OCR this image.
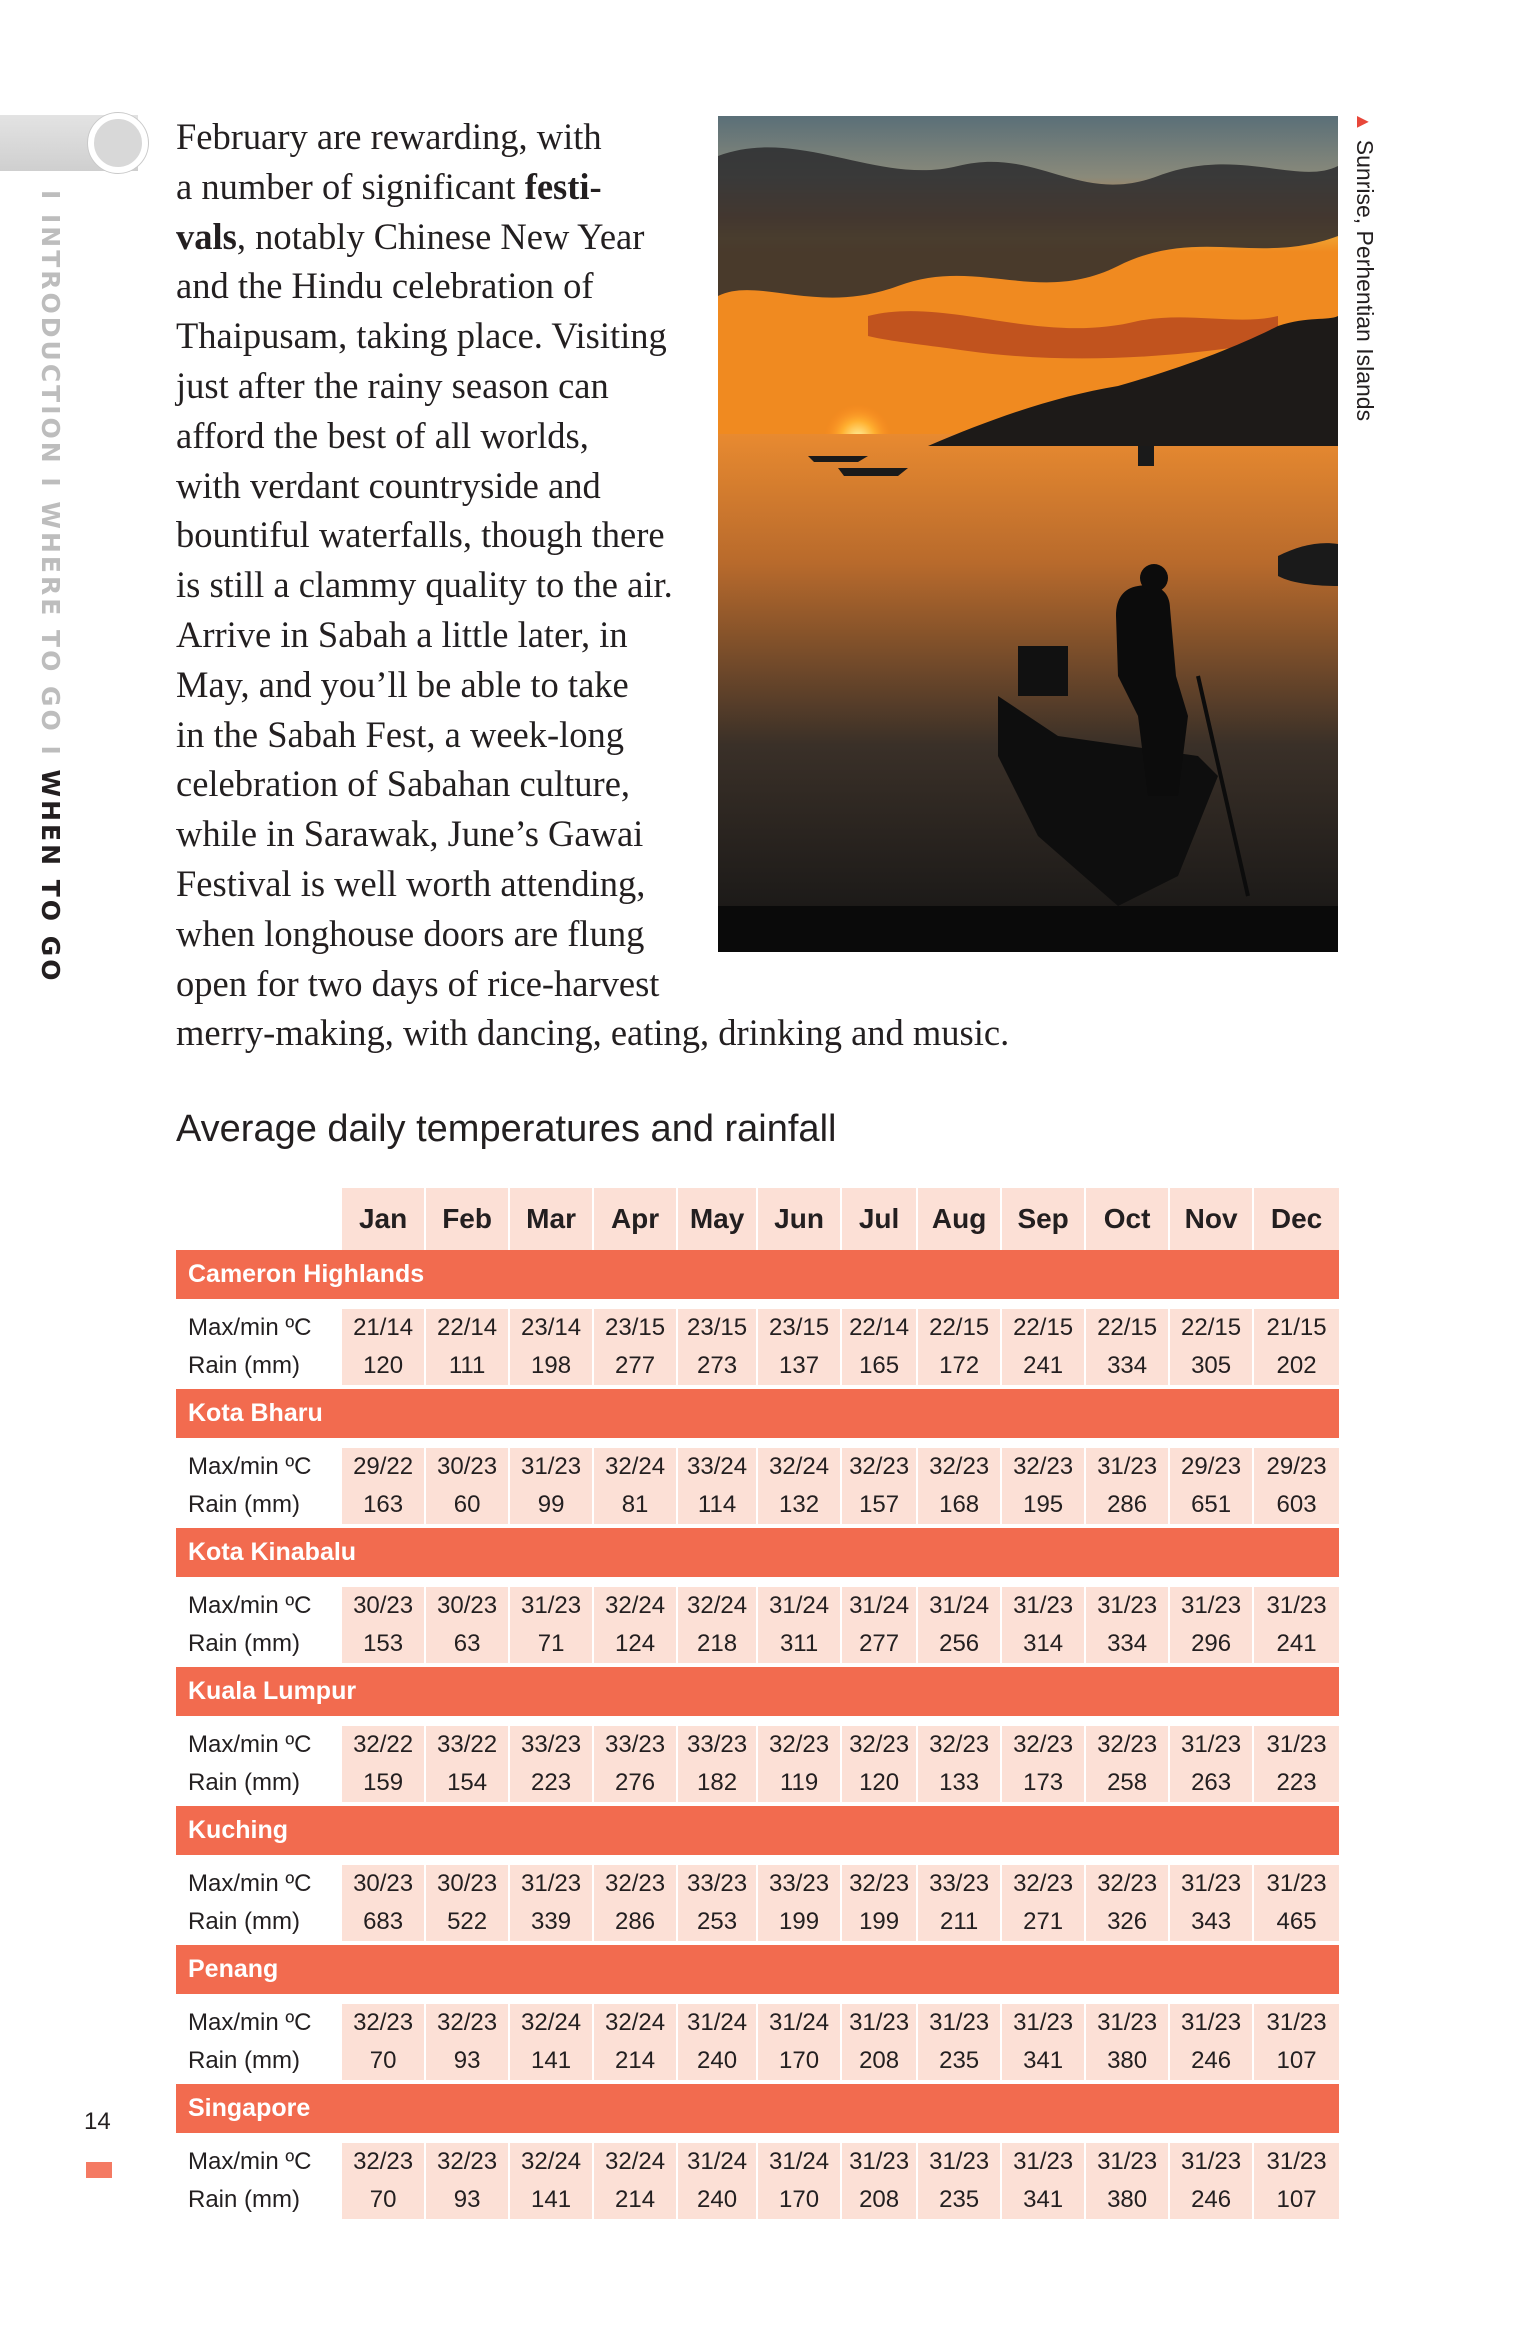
I INTRODUCTION I WHERE TO GO I WHEN TO GO
February are rewarding, with
a number of significant festi-
vals, notably Chinese New Year
and the Hindu celebration of
Thaipusam, taking place. Visiting
just after the rainy season can
afford the best of all worlds,
with verdant countryside and
bountiful waterfalls, though there
is still a clammy quality to the air.
Arrive in Sabah a little later, in
May, and you’ll be able to take
in the Sabah Fest, a week-long
celebration of Sabahan culture,
while in Sarawak, June’s Gawai
Festival is well worth attending,
when longhouse doors are flung
open for two days of rice-harvest
merry-making, with dancing, eating, drinking and music.
▲Sunrise, Perhentian Islands
Average daily temperatures and rainfall
Jan	Feb	Mar	Apr	May	Jun	Jul	Aug	Sep	Oct	Nov	Dec
Cameron Highlands
Max/min ºC	21/14 22/14 23/14 23/15 23/15 23/15 22/14 22/15 22/15 22/15 22/15	21/15
Rain (mm)	120	111	198	277	273	137	165	172	241	334	305	202
Kota Bharu
Max/min ºC	29/22 30/23 31/23 32/24 33/24 32/24 32/23 32/23 32/23 31/23 29/23	29/23
Rain (mm)	163	60	99	81	114	132	157	168	195	286	651	603
Kota Kinabalu
Max/min ºC	30/23 30/23 31/23 32/24 32/24 31/24 31/24 31/24 31/23 31/23 31/23	31/23
Rain (mm)	153	63	71	124	218	311	277	256	314	334	296	241
Kuala Lumpur
Max/min ºC	32/22 33/22 33/23 33/23 33/23 32/23 32/23 32/23 32/23 32/23 31/23	31/23
Rain (mm)	159	154	223	276	182	119	120	133	173	258	263	223
Kuching
Max/min ºC	30/23 30/23 31/23 32/23 33/23 33/23 32/23 33/23 32/23 32/23 31/23	31/23
Rain (mm)	683	522	339	286	253	199	199	211	271	326	343	465
Penang
Max/min ºC	32/23 32/23 32/24 32/24 31/24 31/24 31/23 31/23 31/23 31/23 31/23	31/23
Rain (mm)	70	93	141	214	240	170	208	235	341	380	246	107
Singapore
Max/min ºC	32/23 32/23 32/24 32/24 31/24 31/24 31/23 31/23 31/23 31/23 31/23	31/23
Rain (mm)	70	93	141	214	240	170	208	235	341	380	246	107
14
